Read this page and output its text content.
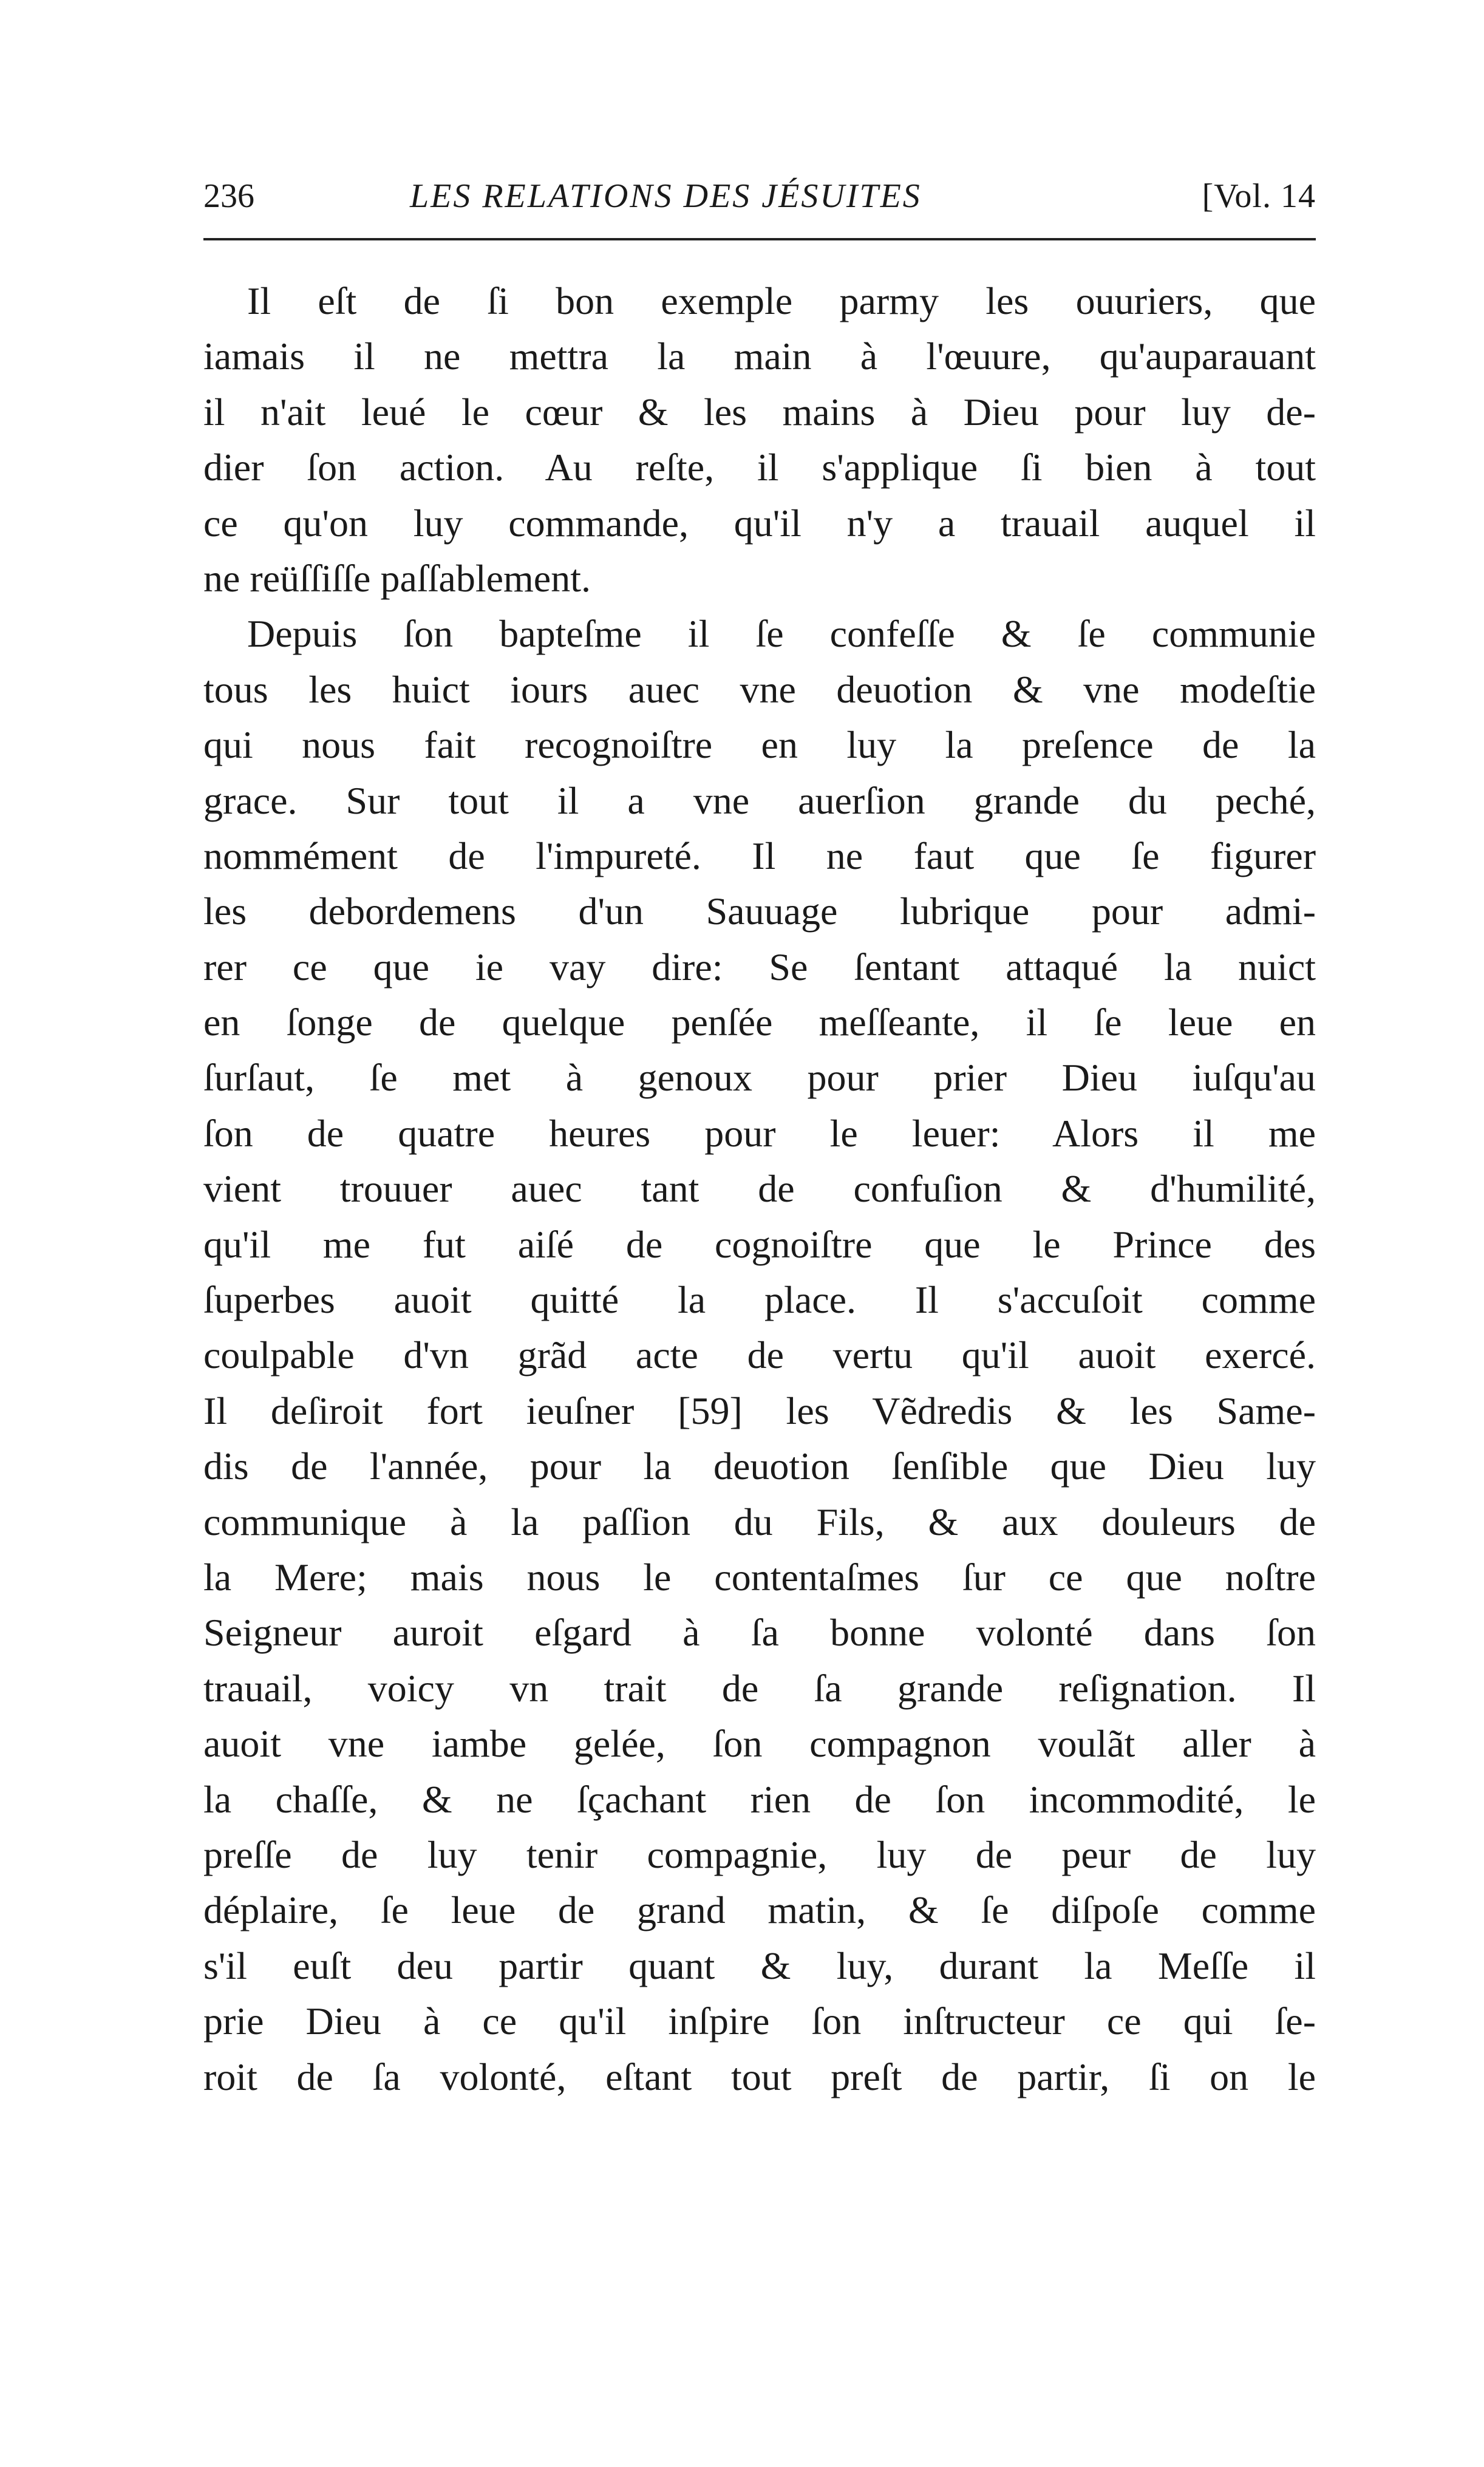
236	LES RELATIONS DES JÉSUITES	[Vol. 14
Il eſt de ſi bon exemple parmy les ouuriers, que
iamais il ne mettra la main à l'œuure, qu'auparauant
il n'ait leué le cœur & les mains à Dieu pour luy de-
dier ſon action. Au reſte, il s'applique ſi bien à tout
ce qu'on luy commande, qu'il n'y a trauail auquel il
ne reüſſiſſe paſſablement.
Depuis ſon bapteſme il ſe confeſſe & ſe communie
tous les huict iours auec vne deuotion & vne modeſtie
qui nous fait recognoiſtre en luy la preſence de la
grace. Sur tout il a vne auerſion grande du peché,
nommément de l'impureté. Il ne faut que ſe figurer
les debordemens d'un Sauuage lubrique pour admi-
rer ce que ie vay dire: Se ſentant attaqué la nuict
en ſonge de quelque penſée meſſeante, il ſe leue en
ſurſaut, ſe met à genoux pour prier Dieu iuſqu'au
ſon de quatre heures pour le leuer: Alors il me
vient trouuer auec tant de confuſion & d'humilité,
qu'il me fut aiſé de cognoiſtre que le Prince des
ſuperbes auoit quitté la place. Il s'accuſoit comme
coulpable d'vn grãd acte de vertu qu'il auoit exercé.
Il deſiroit fort ieuſner [59] les Vẽdredis & les Same-
dis de l'année, pour la deuotion ſenſible que Dieu luy
communique à la paſſion du Fils, & aux douleurs de
la Mere; mais nous le contentaſmes ſur ce que noſtre
Seigneur auroit eſgard à ſa bonne volonté dans ſon
trauail, voicy vn trait de ſa grande reſignation. Il
auoit vne iambe gelée, ſon compagnon voulãt aller à
la chaſſe, & ne ſçachant rien de ſon incommodité, le
preſſe de luy tenir compagnie, luy de peur de luy
déplaire, ſe leue de grand matin, & ſe diſpoſe comme
s'il euſt deu partir quant & luy, durant la Meſſe il
prie Dieu à ce qu'il inſpire ſon inſtructeur ce qui ſe-
roit de ſa volonté, eſtant tout preſt de partir, ſi on le
